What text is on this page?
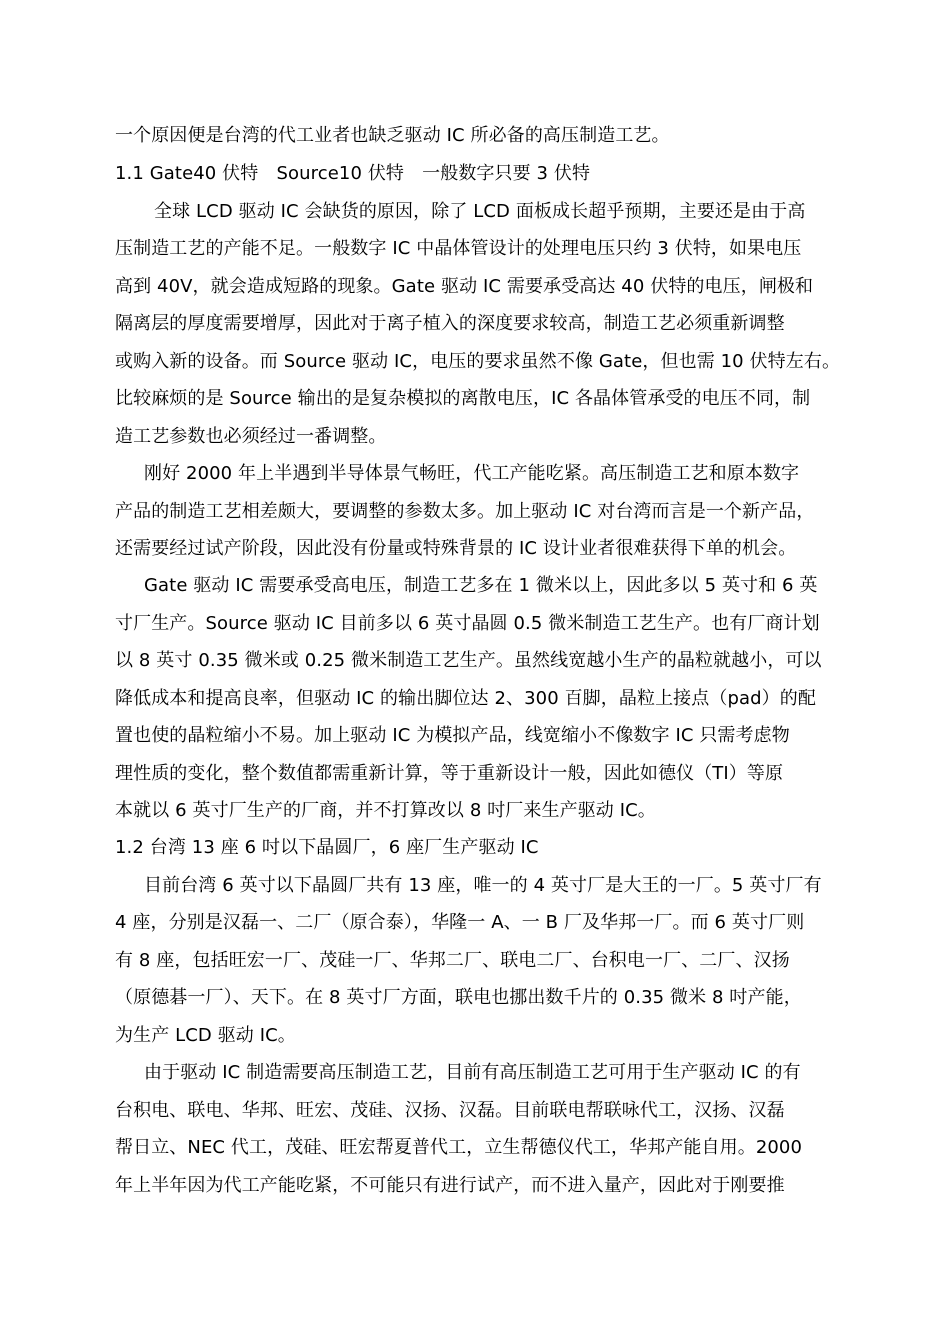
一个原因便是台湾的代工业者也缺乏驱动 IC 所必备的高压制造工艺。
1.1 Gate40 伏特　Source10 伏特　一般数字只要 3 伏特
全球 LCD 驱动 IC 会缺货的原因，除了 LCD 面板成长超乎预期，主要还是由于高
压制造工艺的产能不足。一般数字 IC 中晶体管设计的处理电压只约 3 伏特，如果电压
高到 40V，就会造成短路的现象。Gate 驱动 IC 需要承受高达 40 伏特的电压，闸极和
隔离层的厚度需要增厚，因此对于离子植入的深度要求较高，制造工艺必须重新调整
或购入新的设备。而 Source 驱动 IC，电压的要求虽然不像 Gate，但也需 10 伏特左右。
比较麻烦的是 Source 输出的是复杂模拟的离散电压，IC 各晶体管承受的电压不同，制
造工艺参数也必须经过一番调整。
刚好 2000 年上半遇到半导体景气畅旺，代工产能吃紧。高压制造工艺和原本数字
产品的制造工艺相差颇大，要调整的参数太多。加上驱动 IC 对台湾而言是一个新产品，
还需要经过试产阶段，因此没有份量或特殊背景的 IC 设计业者很难获得下单的机会。
Gate 驱动 IC 需要承受高电压，制造工艺多在 1 微米以上，因此多以 5 英寸和 6 英
寸厂生产。Source 驱动 IC 目前多以 6 英寸晶圆 0.5 微米制造工艺生产。也有厂商计划
以 8 英寸 0.35 微米或 0.25 微米制造工艺生产。虽然线宽越小生产的晶粒就越小，可以
降低成本和提高良率，但驱动 IC 的输出脚位达 2、300 百脚，晶粒上接点（pad）的配
置也使的晶粒缩小不易。加上驱动 IC 为模拟产品，线宽缩小不像数字 IC 只需考虑物
理性质的变化，整个数值都需重新计算，等于重新设计一般，因此如德仪（TI）等原
本就以 6 英寸厂生产的厂商，并不打算改以 8 吋厂来生产驱动 IC。
1.2 台湾 13 座 6 吋以下晶圆厂，6 座厂生产驱动 IC
目前台湾 6 英寸以下晶圆厂共有 13 座，唯一的 4 英寸厂是大王的一厂。5 英寸厂有
4 座，分别是汉磊一、二厂（原合泰），华隆一 A、一 B 厂及华邦一厂。而 6 英寸厂则
有 8 座，包括旺宏一厂、茂硅一厂、华邦二厂、联电二厂、台积电一厂、二厂、汉扬
（原德碁一厂）、天下。在 8 英寸厂方面，联电也挪出数千片的 0.35 微米 8 吋产能，
为生产 LCD 驱动 IC。
由于驱动 IC 制造需要高压制造工艺，目前有高压制造工艺可用于生产驱动 IC 的有
台积电、联电、华邦、旺宏、茂硅、汉扬、汉磊。目前联电帮联咏代工，汉扬、汉磊
帮日立、NEC 代工，茂硅、旺宏帮夏普代工，立生帮德仪代工，华邦产能自用。2000
年上半年因为代工产能吃紧，不可能只有进行试产，而不进入量产，因此对于刚要推
